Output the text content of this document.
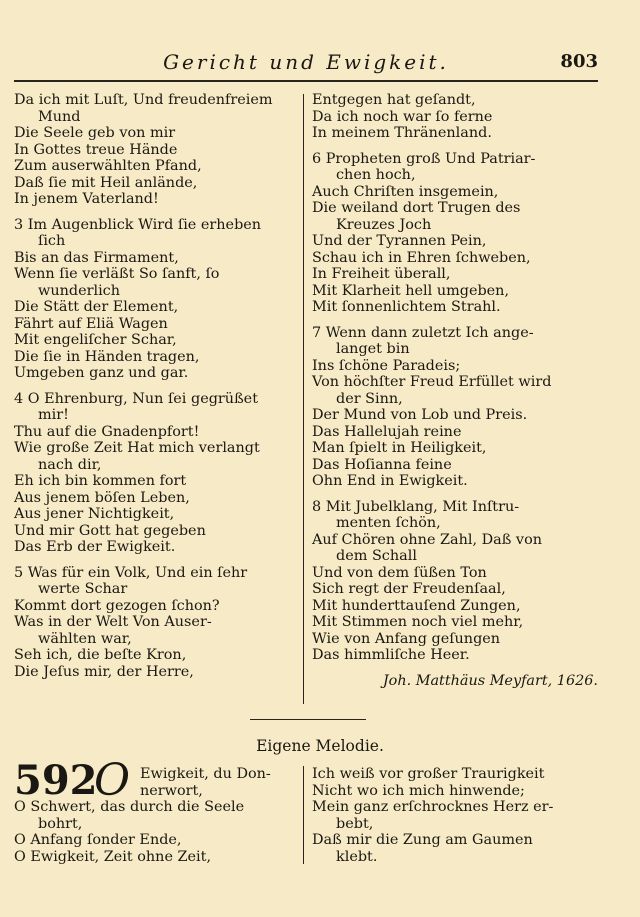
Gericht und Ewigkeit.	803
Da ich mit Luſt, Und freudenfreiem
Mund
Die Seele geb von mir
In Gottes treue Hände
Zum auserwählten Pfand,
Daß ſie mit Heil anlände,
In jenem Vaterland!
3 Im Augenblick Wird ſie erheben
ſich
Bis an das Firmament,
Wenn ſie verläßt So ſanft, ſo
wunderlich
Die Stätt der Element,
Fährt auf Eliä Wagen
Mit engeliſcher Schar,
Die ſie in Händen tragen,
Umgeben ganz und gar.
4 O Ehrenburg, Nun ſei gegrüßet
mir!
Thu auf die Gnadenpfort!
Wie große Zeit Hat mich verlangt
nach dir,
Eh ich bin kommen fort
Aus jenem böſen Leben,
Aus jener Nichtigkeit,
Und mir Gott hat gegeben
Das Erb der Ewigkeit.
5 Was für ein Volk, Und ein ſehr
werte Schar
Kommt dort gezogen ſchon?
Was in der Welt Von Auser-
wählten war,
Seh ich, die beſte Kron,
Die Jeſus mir, der Herre,
Entgegen hat geſandt,
Da ich noch war ſo ferne
In meinem Thränenland.
6 Propheten groß Und Patriar-
chen hoch,
Auch Chriſten insgemein,
Die weiland dort Trugen des
Kreuzes Joch
Und der Tyrannen Pein,
Schau ich in Ehren ſchweben,
In Freiheit überall,
Mit Klarheit hell umgeben,
Mit ſonnenlichtem Strahl.
7 Wenn dann zuletzt Ich ange-
langet bin
Ins ſchöne Paradeis;
Von höchſter Freud Erfüllet wird
der Sinn,
Der Mund von Lob und Preis.
Das Hallelujah reine
Man ſpielt in Heiligkeit,
Das Hoſianna feine
Ohn End in Ewigkeit.
8 Mit Jubelklang, Mit Inſtru-
menten ſchön,
Auf Chören ohne Zahl, Daß von
dem Schall
Und von dem ſüßen Ton
Sich regt der Freudenſaal,
Mit hunderttauſend Zungen,
Mit Stimmen noch viel mehr,
Wie von Anfang geſungen
Das himmliſche Heer.
Joh. Matthäus Meyfart, 1626.
Eigene Melodie.
592
O Ewigkeit, du Don-
nerwort,
O Schwert, das durch die Seele
bohrt,
O Anfang ſonder Ende,
O Ewigkeit, Zeit ohne Zeit,
Ich weiß vor großer Traurigkeit
Nicht wo ich mich hinwende;
Mein ganz erſchrocknes Herz er-
bebt,
Daß mir die Zung am Gaumen
klebt.
